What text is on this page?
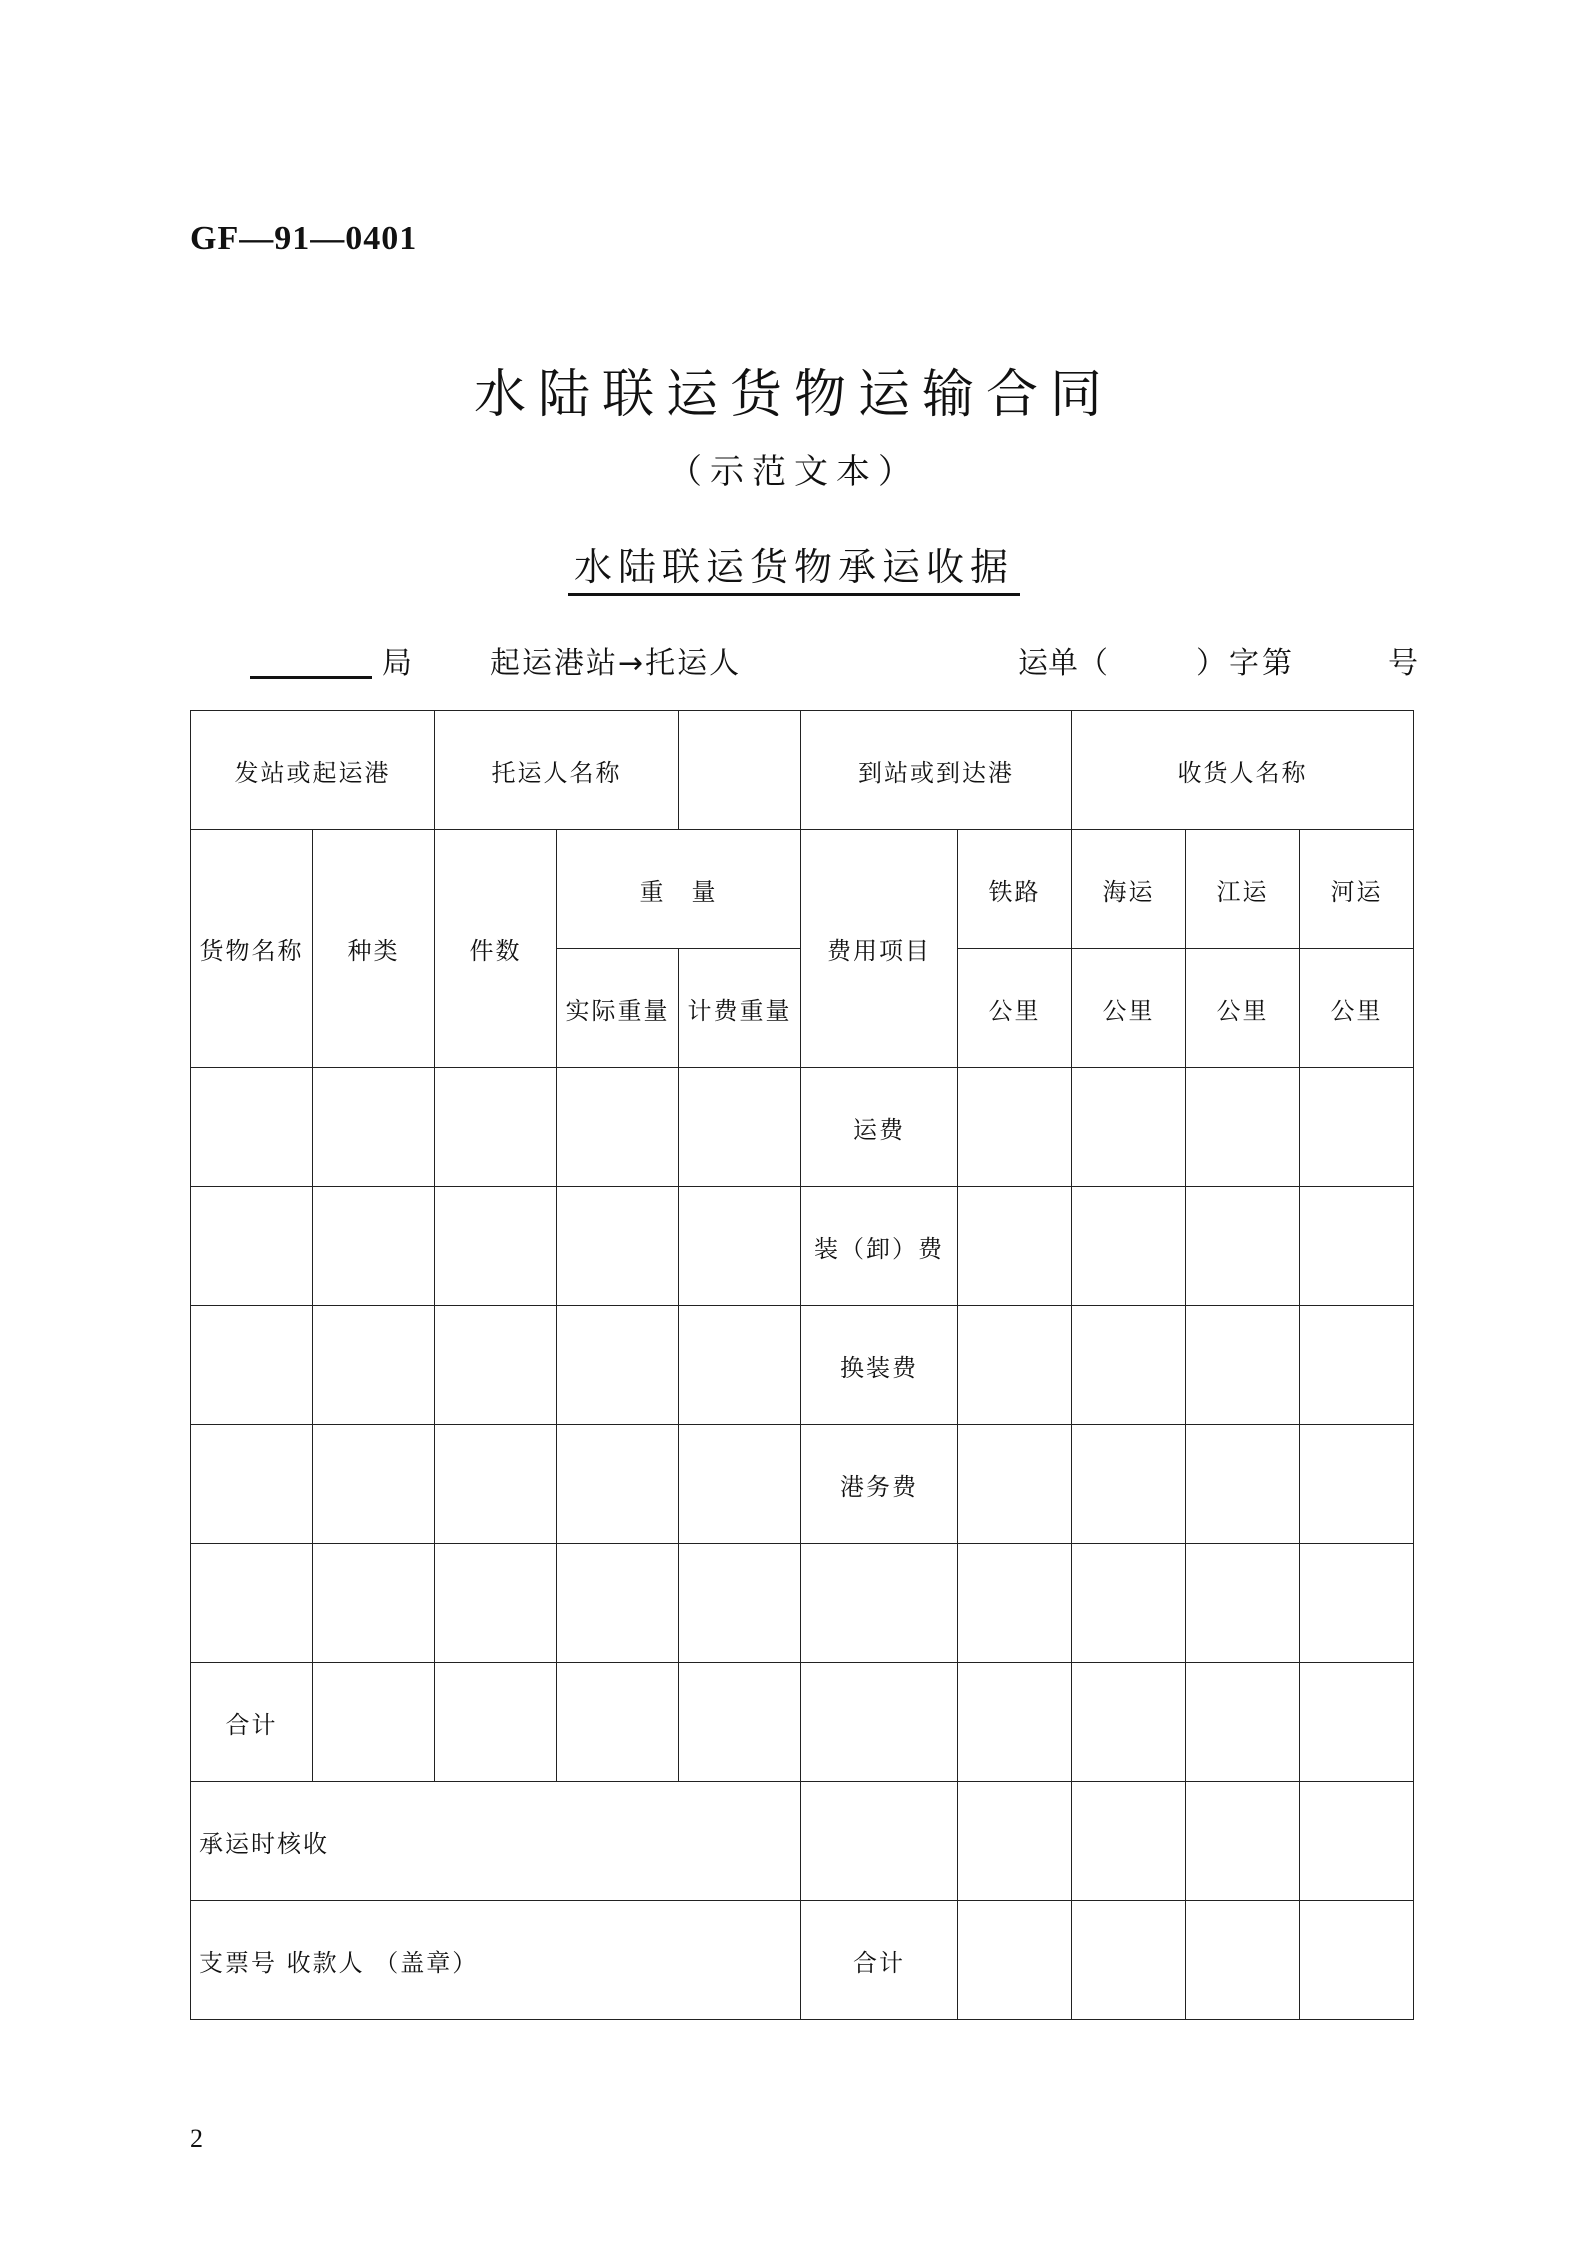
GF—91—0401
水陆联运货物运输合同
（示范文本）
水陆联运货物承运收据
局	起运港站→托运人	运单（	）字第	号
发站或起运港		托运人名称			到站或到达港		收货人名称		
货物名称	种类	件数	重　量		费用项目	铁路	海运	江运	河运
			实际重量	计费重量		公里	公里	公里	公里
					运费				
					装（卸）费				
					换装费				
					港务费				

合计									
承运时核收									
支票号 收款人 （盖章）					合计				
2
